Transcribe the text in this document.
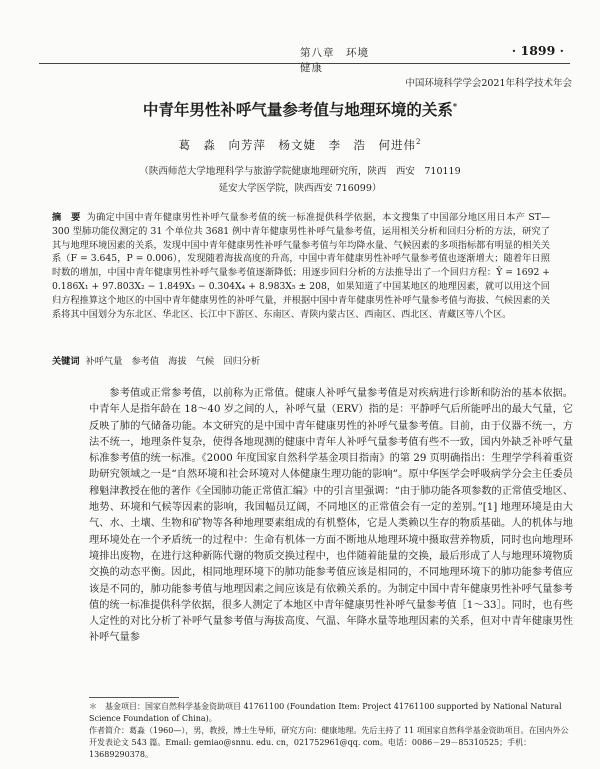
第八章　环境健康
· 1899 ·
中国环境科学学会2021年科学技术年会
中青年男性补呼气量参考值与地理环境的关系*
葛　淼　向芳萍　杨文婕　李　浩　何进伟$^2$
（陕西师范大学地理科学与旅游学院健康地理研究所，陕西　西安　710119
延安大学医学院，陕西西安 716099）
摘　要 为确定中国中青年健康男性补呼气量参考值的统一标准提供科学依据，本文搜集了中国部分地区用日本产 ST—300 型肺功能仪测定的 31 个单位共 3681 例中青年健康男性补呼气量参考值，运用相关分析和回归分析的方法，研究了其与地理环境因素的关系，发现中国中青年健康男性补呼气量参考值与年均降水量、气候因素的多项指标都有明显的相关关系（F = 3.645，P = 0.006），发现随着海拔高度的升高，中国中青年健康男性补呼气量参考值也逐渐增大；随着年日照时数的增加，中国中青年健康男性补呼气量参考值逐渐降低；用逐步回归分析的方法推导出了一个回归方程：Ŷ = 1692 + 0.186X₁ + 97.803X₂ − 1.849X₃ − 0.304X₄ + 8.983X₅ ± 208，如果知道了中国某地区的地理因素，就可以用这个回归方程推算这个地区的中国中青年健康男性的补呼气量，并根据中国中青年健康男性补呼气量参考值与海拔、气候因素的关系将其中国划分为东北区、华北区、长江中下游区、东南区、青陕内蒙古区、西南区、西北区、青藏区等八个区。
关键词 补呼气量　参考值　海拔　气候　回归分析
参考值或正常参考值，以前称为正常值。健康人补呼气量参考值是对疾病进行诊断和防治的基本依据。中青年人是指年龄在 18～40 岁之间的人，补呼气量（ERV）指的是：平静呼气后所能呼出的最大气量，它反映了肺的气储备功能。本文研究的是中国中青年健康男性的补呼气量参考值。目前，由于仪器不统一，方法不统一，地理条件复杂，使得各地现测的健康中青年人补呼气量参考值有些不一致，国内外缺乏补呼气量标准参考值的统一标准。《2000 年度国家自然科学基金项目指南》的第 29 页明确指出：生理学学科着重资助研究领域之一是“自然环境和社会环境对人体健康生理功能的影响”。原中华医学会呼吸病学分会主任委员穆魁津教授在他的著作《全国肺功能正常值汇编》中的引言里强调：“由于肺功能各项参数的正常值受地区、地势、环境和气候等因素的影响，我国幅员辽阔，不同地区的正常值会有一定的差别。”[1] 地理环境是由大气、水、土壤、生物和矿物等各种地理要素组成的有机整体，它是人类赖以生存的物质基础。人的机体与地理环境处在一个矛盾统一的过程中：生命有机体一方面不断地从地理环境中摄取营养物质，同时也向地理环境排出废物，在进行这种新陈代谢的物质交换过程中，也伴随着能量的交换，最后形成了人与地理环境物质交换的动态平衡。因此，相同地理环境下的肺功能参考值应该是相同的，不同地理环境下的肺功能参考值应该是不同的，肺功能参考值与地理因素之间应该是有依赖关系的。为制定中国中青年健康男性补呼气量参考值的统一标准提供科学依据，很多人测定了本地区中青年健康男性补呼气量参考值［1～33］。同时，也有些人定性的对比分析了补呼气量参考值与海拔高度、气温、年降水量等地理因素的关系，但对中青年健康男性补呼气量参
＊　基金项目：国家自然科学基金资助项目 41761100 (Foundation Item: Project 41761100 supported by National Natural Science Foundation of China)。
作者简介：葛淼（1960—），男，教授，博士生导师，研究方向：健康地理。先后主持了 11 项国家自然科学基金资助项目。在国内外公开发表论文 543 篇。Email: gemiao@snnu. edu. cn，021752961@qq. com。电话：0086－29－85310525；手机：13689290378。
